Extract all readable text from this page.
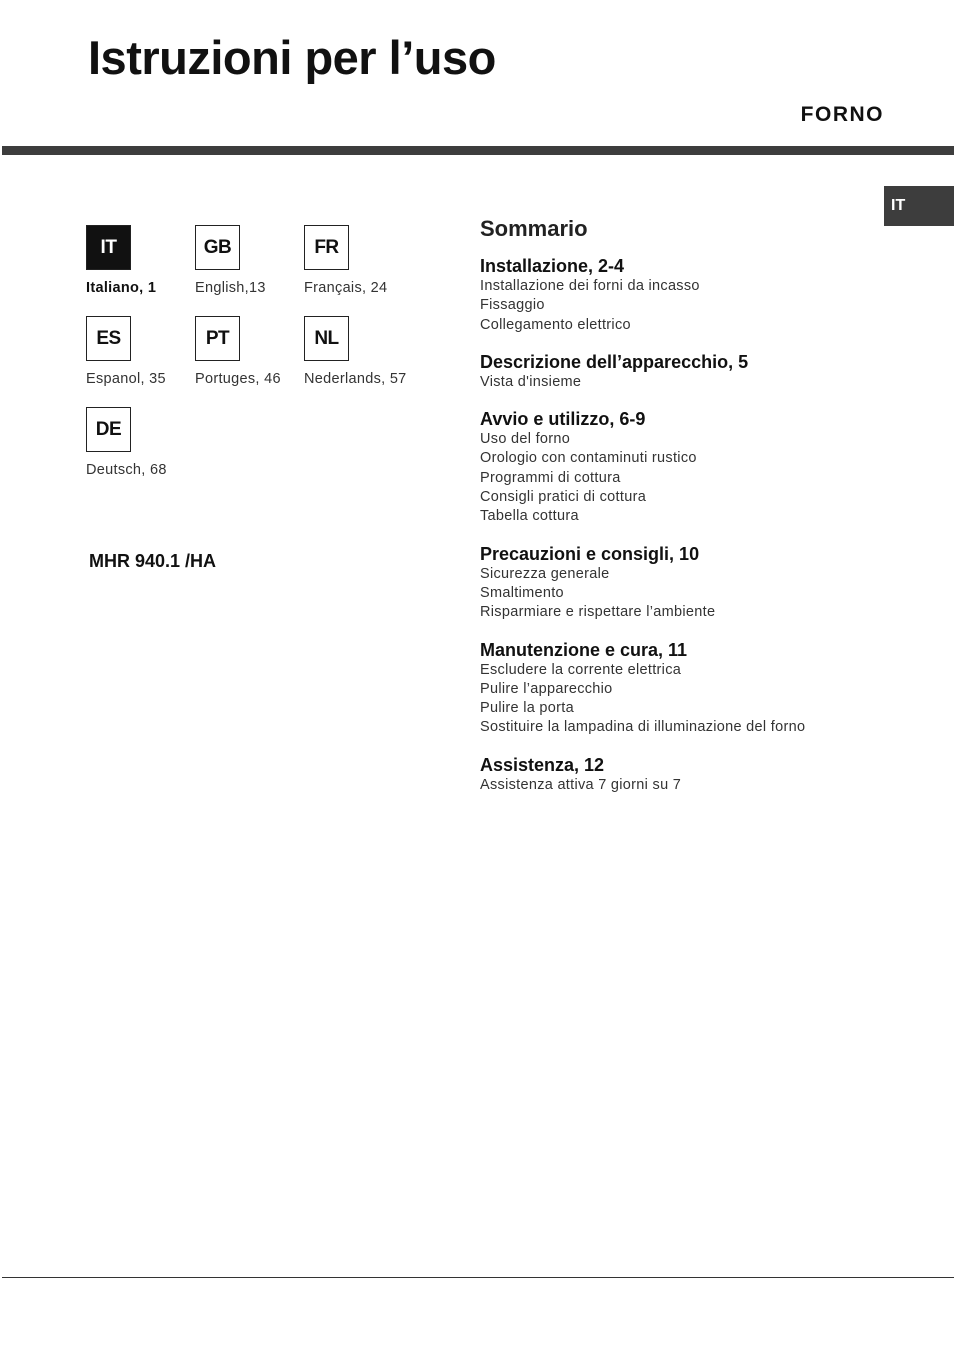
Istruzioni per l’uso
FORNO
IT
IT
Italiano, 1
GB
English,13
FR
Français, 24
ES
Espanol, 35
PT
Portuges, 46
NL
Nederlands, 57
DE
Deutsch, 68
MHR 940.1 /HA
Sommario
Installazione, 2-4
Installazione dei forni da incasso
Fissaggio
Collegamento elettrico
Descrizione dell’apparecchio, 5
Vista d'insieme
Avvio e utilizzo, 6-9
Uso del forno
Orologio con contaminuti rustico
Programmi di cottura
Consigli pratici di cottura
Tabella cottura
Precauzioni e consigli, 10
Sicurezza generale
Smaltimento
Risparmiare e rispettare l’ambiente
Manutenzione e cura, 11
Escludere la corrente elettrica
Pulire l’apparecchio
Pulire la porta
Sostituire la lampadina di illuminazione del forno
Assistenza, 12
Assistenza attiva 7 giorni su 7
